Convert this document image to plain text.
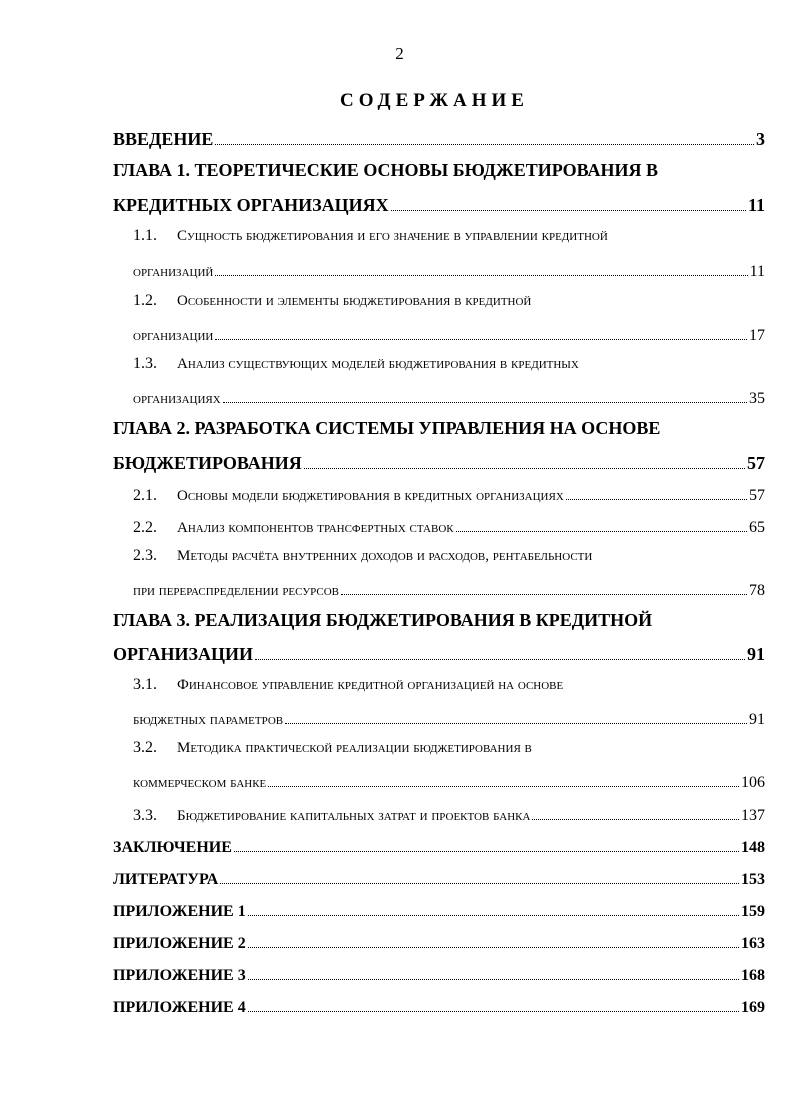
2
СОДЕРЖАНИЕ
ВВЕДЕНИЕ	3
ГЛАВА 1. ТЕОРЕТИЧЕСКИЕ ОСНОВЫ БЮДЖЕТИРОВАНИЯ В
КРЕДИТНЫХ ОРГАНИЗАЦИЯХ	11
1.1. Сущность бюджетирования и его значение в управлении кредитной
организаций	11
1.2. Особенности и элементы бюджетирования в кредитной
организации	17
1.3. Анализ существующих моделей бюджетирования в кредитных
организациях	35
ГЛАВА 2. РАЗРАБОТКА СИСТЕМЫ УПРАВЛЕНИЯ НА ОСНОВЕ
БЮДЖЕТИРОВАНИЯ	57
2.1. Основы модели бюджетирования в кредитных организациях	57
2.2. Анализ компонентов трансфертных ставок	65
2.3. Методы расчёта внутренних доходов и расходов, рентабельности
при перераспределении ресурсов	78
ГЛАВА 3. РЕАЛИЗАЦИЯ БЮДЖЕТИРОВАНИЯ В КРЕДИТНОЙ
ОРГАНИЗАЦИИ	91
3.1. Финансовое управление кредитной организацией на основе
бюджетных параметров	91
3.2. Методика практической реализации бюджетирования в
коммерческом банке	106
3.3. Бюджетирование капитальных затрат и проектов банка	137
ЗАКЛЮЧЕНИЕ	148
ЛИТЕРАТУРА	153
ПРИЛОЖЕНИЕ 1	159
ПРИЛОЖЕНИЕ 2	163
ПРИЛОЖЕНИЕ 3	168
ПРИЛОЖЕНИЕ 4	169
